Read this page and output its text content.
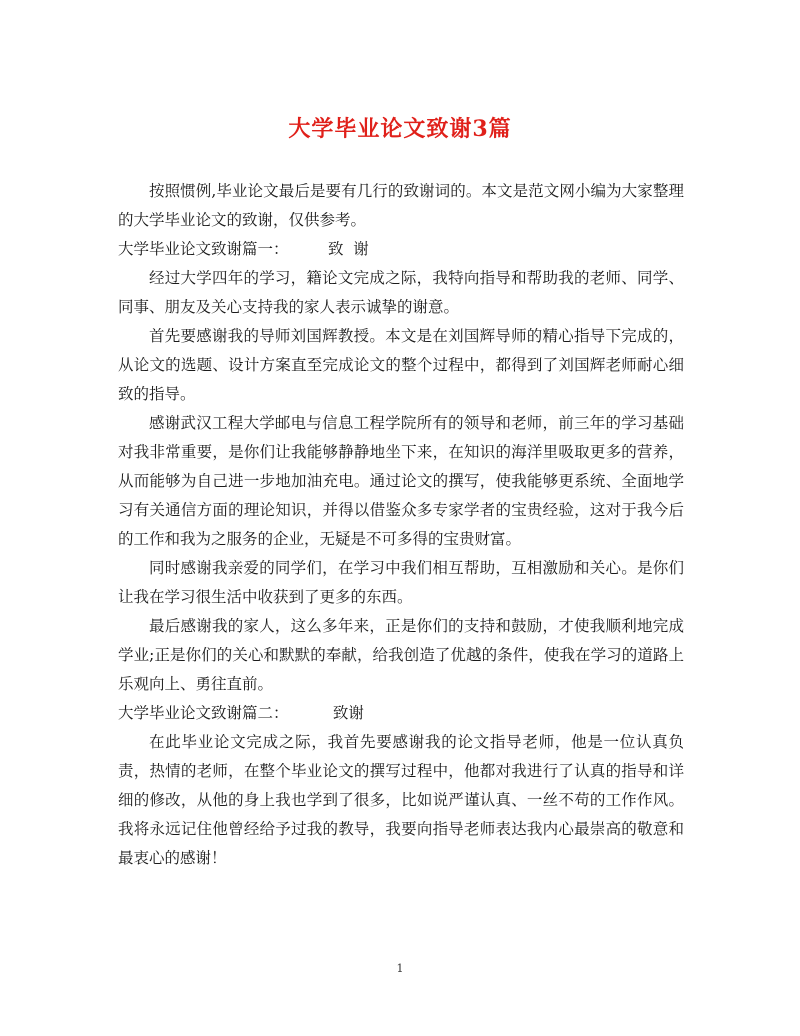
大学毕业论文致谢3篇

按照惯例,毕业论文最后是要有几行的致谢词的。本文是范文网小编为大家整理的大学毕业论文的致谢，仅供参考。

大学毕业论文致谢篇一：	致  谢

经过大学四年的学习，籍论文完成之际，我特向指导和帮助我的老师、同学、同事、朋友及关心支持我的家人表示诚挚的谢意。

首先要感谢我的导师刘国辉教授。本文是在刘国辉导师的精心指导下完成的，从论文的选题、设计方案直至完成论文的整个过程中，都得到了刘国辉老师耐心细致的指导。

感谢武汉工程大学邮电与信息工程学院所有的领导和老师，前三年的学习基础对我非常重要，是你们让我能够静静地坐下来，在知识的海洋里吸取更多的营养，从而能够为自己进一步地加油充电。通过论文的撰写，使我能够更系统、全面地学习有关通信方面的理论知识，并得以借鉴众多专家学者的宝贵经验，这对于我今后的工作和我为之服务的企业，无疑是不可多得的宝贵财富。

同时感谢我亲爱的同学们，在学习中我们相互帮助，互相激励和关心。是你们让我在学习很生活中收获到了更多的东西。

最后感谢我的家人，这么多年来，正是你们的支持和鼓励，才使我顺利地完成学业;正是你们的关心和默默的奉献，给我创造了优越的条件，使我在学习的道路上乐观向上、勇往直前。

大学毕业论文致谢篇二：	致谢

在此毕业论文完成之际，我首先要感谢我的论文指导老师，他是一位认真负责，热情的老师，在整个毕业论文的撰写过程中，他都对我进行了认真的指导和详细的修改，从他的身上我也学到了很多，比如说严谨认真、一丝不苟的工作作风。我将永远记住他曾经给予过我的教导，我要向指导老师表达我内心最崇高的敬意和最衷心的感谢！

1
